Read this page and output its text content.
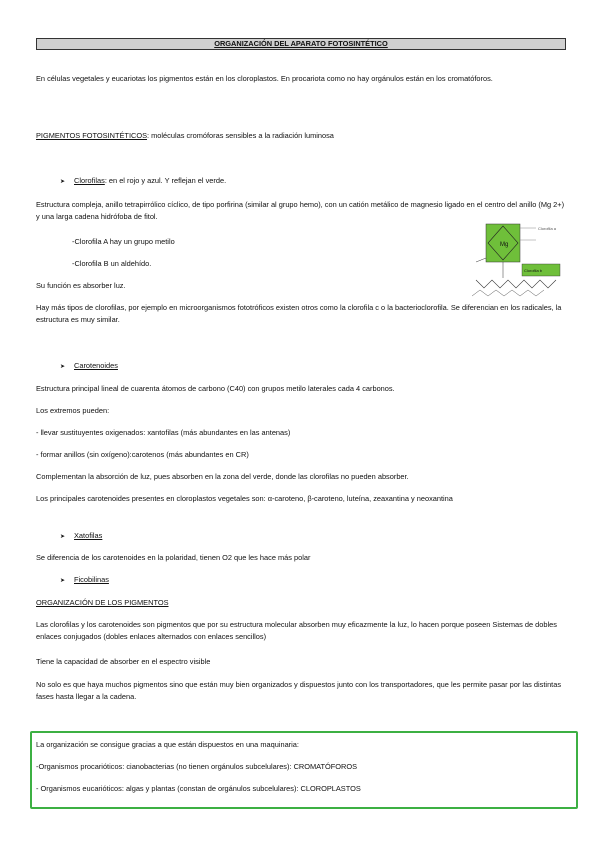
ORGANIZACIÓN DEL APARATO FOTOSINTÉTICO

En células vegetales y eucariotas los pigmentos están en los cloroplastos. En procariota como no hay orgánulos están en los cromatóforos.

PIGMENTOS FOTOSINTÉTICOS: moléculas cromóforas sensibles a la radiación luminosa

➤ Clorofilas: en el rojo y azul. Y reflejan el verde.

Estructura compleja, anillo tetrapirrólico cíclico, de tipo porfirina (similar al grupo hemo), con un catión metálico de magnesio ligado en el centro del anillo (Mg 2+) y una larga cadena hidrófoba de fitol.

-Clorofila A hay un grupo metilo

-Clorofila B un aldehído.

Su función es absorber luz.

Hay más tipos de clorofilas, por ejemplo en microorganismos fototróficos existen otros como la clorofila c o la bacterioclorofila. Se diferencian en los radicales, la estructura es muy similar.

Mg
Clorofila a
Clorofila b
➤ Carotenoides

Estructura principal lineal de cuarenta átomos de carbono (C40) con grupos metilo laterales cada 4 carbonos.

Los extremos pueden:

- llevar sustituyentes oxigenados: xantofilas (más abundantes en las antenas)

- formar anillos (sin oxígeno):carotenos (más abundantes en CR)

Complementan la absorción de luz, pues absorben en la zona del verde, donde las clorofilas no pueden absorber.

Los principales carotenoides presentes en cloroplastos vegetales son: α-caroteno, β-caroteno, luteína, zeaxantina y neoxantina

➤ Xatofilas

Se diferencia de los carotenoides en la polaridad, tienen O2 que les hace más polar

➤ Ficobilinas

ORGANIZACIÓN DE LOS PIGMENTOS

Las clorofilas y los carotenoides son pigmentos que por su estructura molecular absorben muy eficazmente la luz, lo hacen porque poseen Sistemas de dobles enlaces conjugados (dobles enlaces alternados con enlaces sencillos)

Tiene la capacidad de absorber en el espectro visible

No solo es que haya muchos pigmentos sino que están muy bien organizados y dispuestos junto con los transportadores, que les permite pasar por las distintas fases hasta llegar a la cadena.

La organización se consigue gracias a que están dispuestos en una maquinaria:

-Organismos procarióticos: cianobacterias (no tienen orgánulos subcelulares): CROMATÓFOROS

- Organismos eucarióticos: algas y plantas (constan de orgánulos subcelulares): CLOROPLASTOS
